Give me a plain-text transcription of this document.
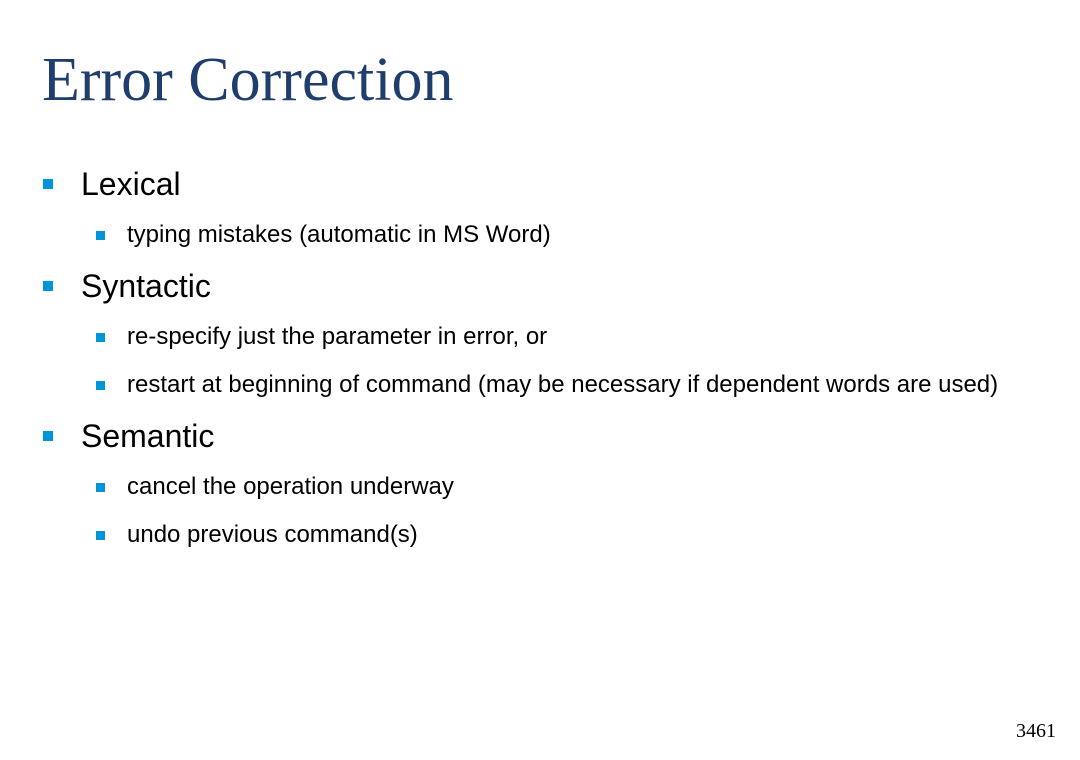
Error Correction
Lexical
typing mistakes (automatic in MS Word)
Syntactic
re-specify just the parameter in error, or
restart at beginning of command (may be necessary if dependent words are used)
Semantic
cancel the operation underway
undo previous command(s)
3461
